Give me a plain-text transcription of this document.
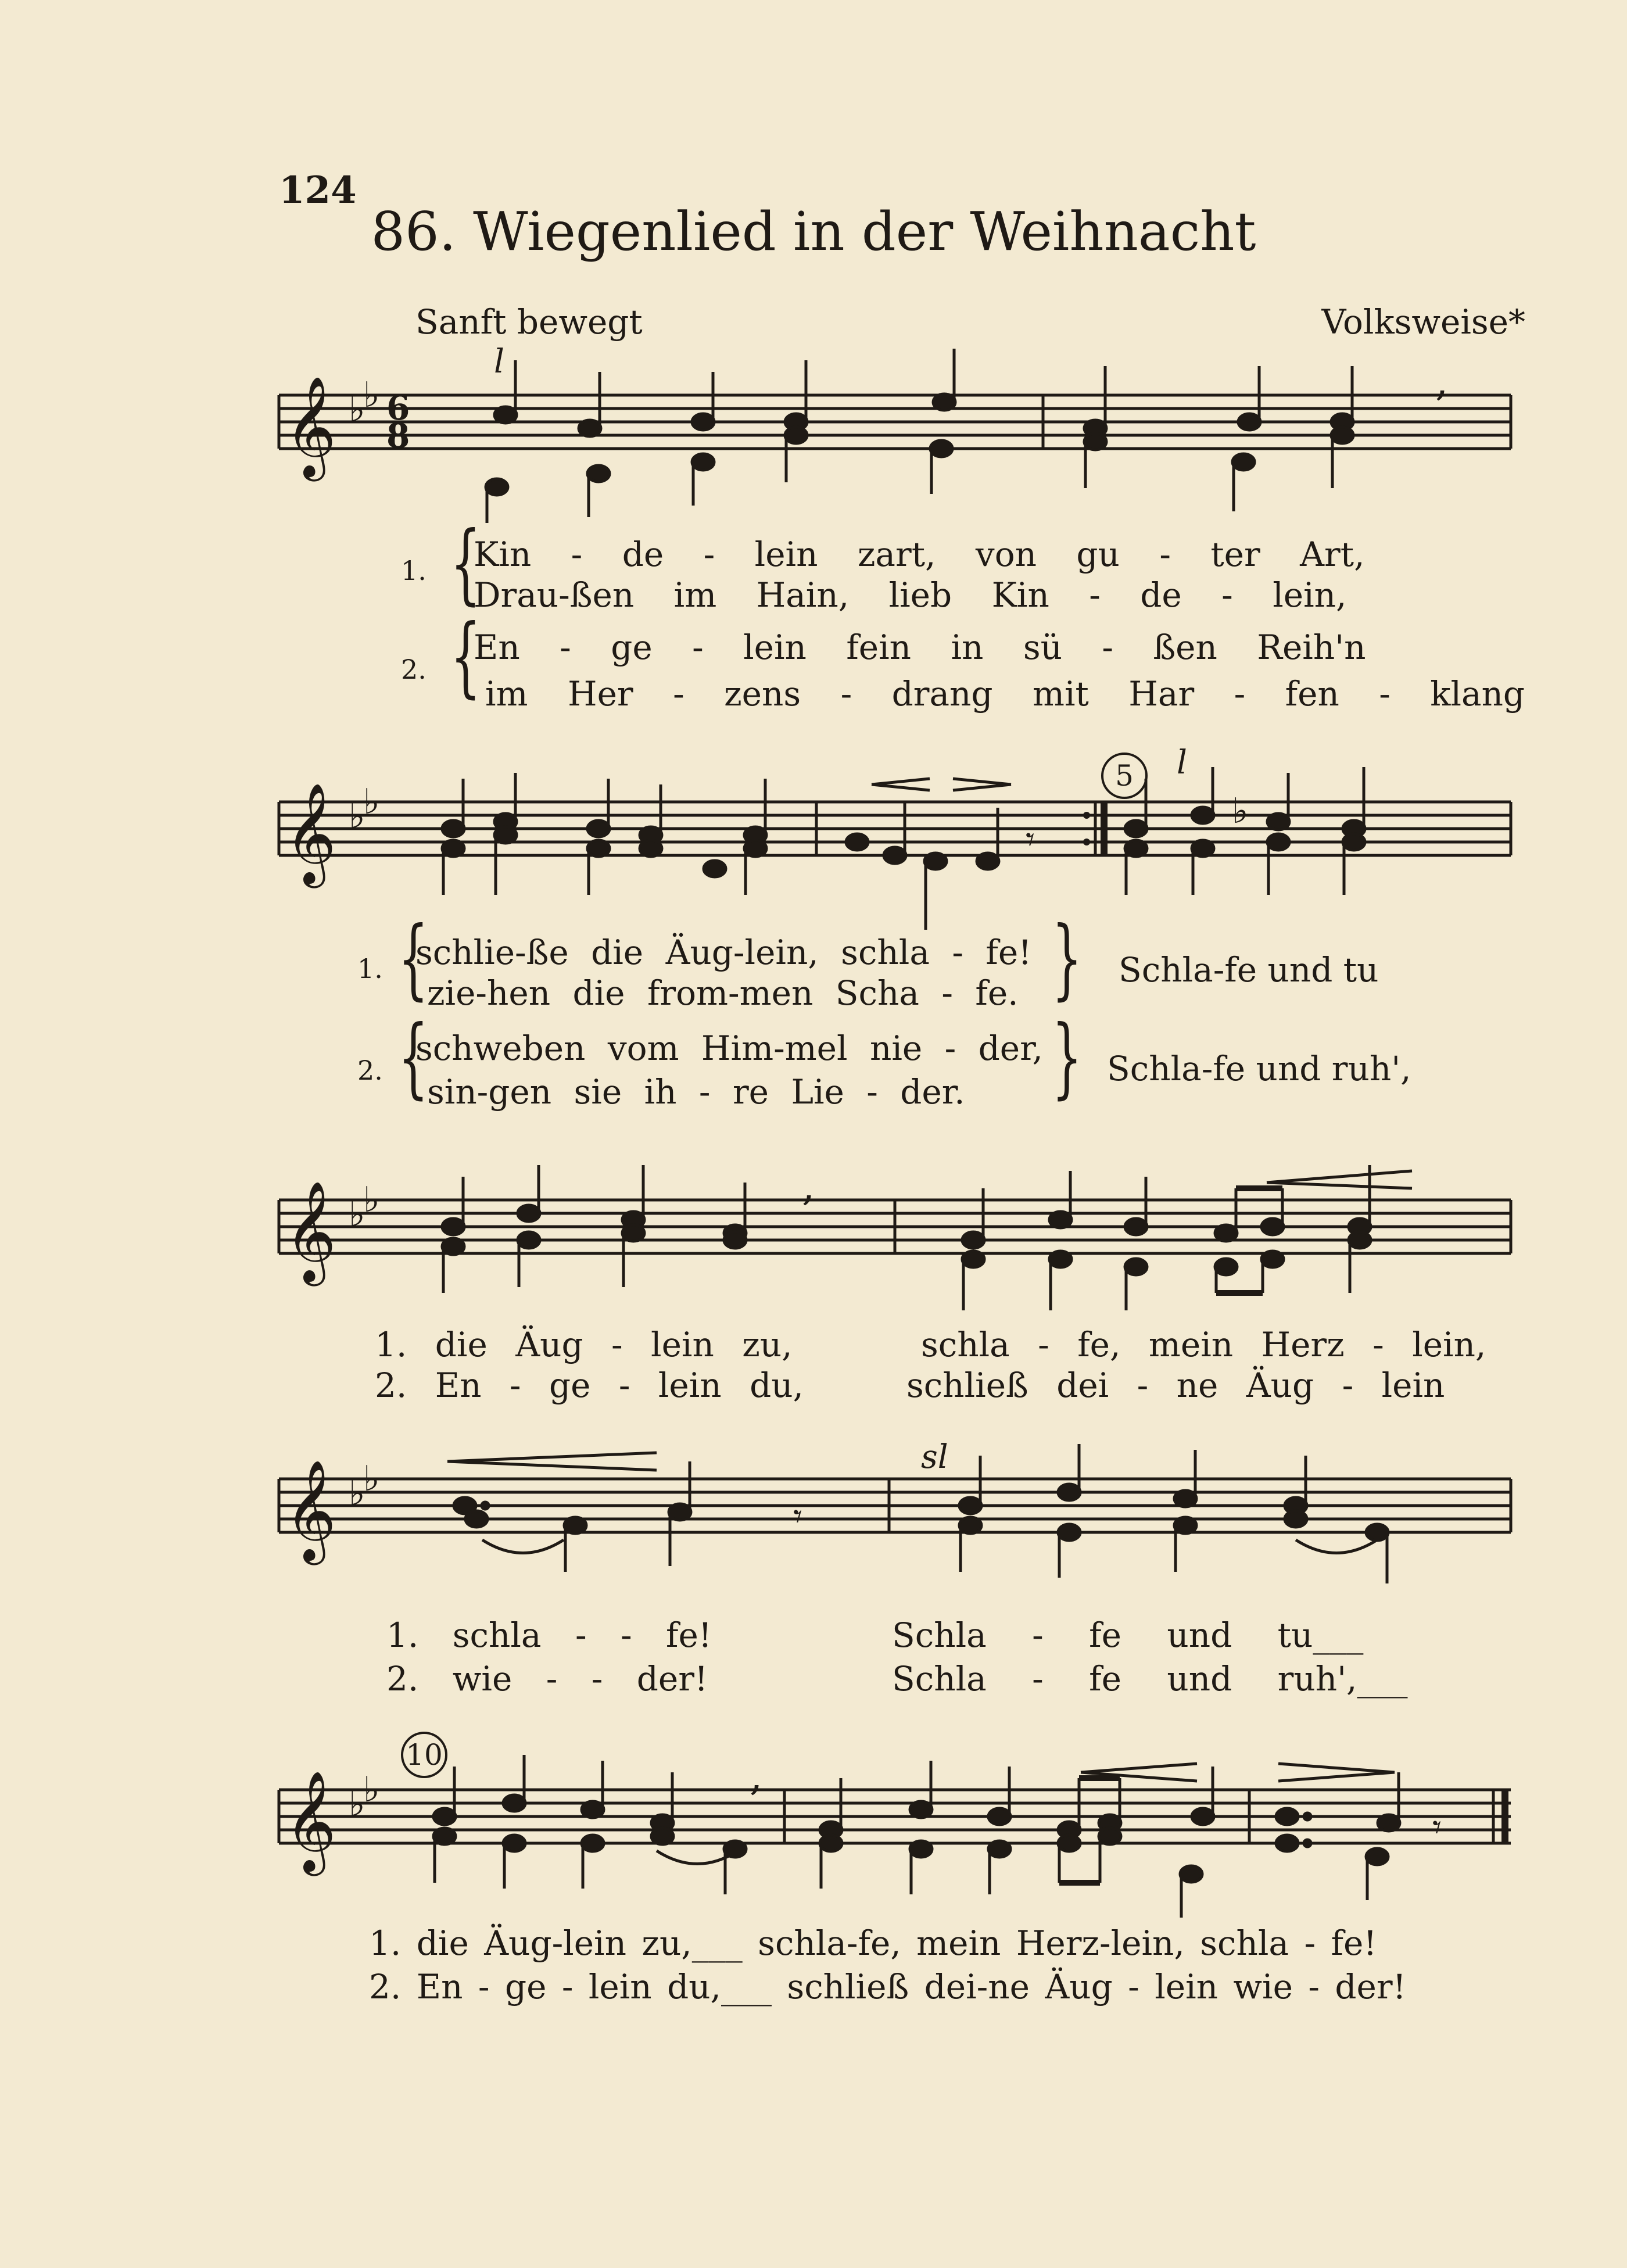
124
86. Wiegenlied in der Weihnacht
Sanft bewegt	Volksweise*
𝄞 ♭
♭ 6
8
,
l
{
1. Kin - de - lein zart, von gu - ter Art,
Drau-ßen im Hain, lieb Kin - de - lein,
{
2.
En - ge - lein fein in sü - ßen Reih'n
im Her - zens - drang mit Har - fen - klang
𝄞 ♭
♭	♭
𝄾
5	l
{
1. schlie-ße die Äug-lein, schla - fe!
zie-hen die from-men Scha - fe. } Schla-fe und tu
{
2.
schweben vom Him-mel nie - der,
sin-gen sie ih - re Lie - der. } Schla-fe und ruh',
𝄞 ♭
♭	,
1. die Äug - lein zu,	schla - fe, mein Herz - lein,
2. En - ge - lein du,	schließ dei - ne Äug - lein
𝄞 ♭
♭
𝄾
sl
1. schla - - fe!	Schla - fe und tu___
2. wie - - der!	Schla - fe und ruh',___
𝄞 ♭
♭	,
𝄾
10
1. die Äug-lein zu,___ schla-fe, mein Herz-lein, schla - fe!
2. En - ge - lein du,___ schließ dei-ne Äug - lein wie - der!
